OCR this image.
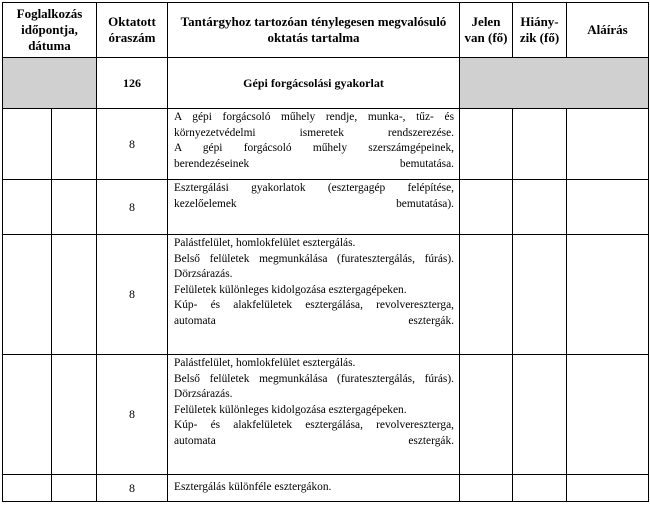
Foglalkozás időpontja, dátuma		Oktatott óraszám	Tantárgyhoz tartozóan ténylegesen megvalósuló oktatás tartalma	Jelen van (fő)	Hiány-zik (fő)	Aláírás
		126	Gépi forgácsolási gyakorlat			
		8	A gépi forgácsoló műhely rendje, munka-, tűz- és környezetvédelmi ismeretek rendszerezése.

A gépi forgácsoló műhely szerszámgépeinek, berendezéseinek bemutatása.			

		8	Esztergálási gyakorlatok (esztergagép felépítése, kezelőelemek bemutatása).			

		8	Palástfelület, homlokfelület esztergálás.

Belső felületek megmunkálása (furatesztergálás, fúrás).

Dörzsárazás.

Felületek különleges kidolgozása esztergagépeken.

Kúp- és alakfelületek esztergálása, revolvereszterga, automata esztergák.			

		8	Palástfelület, homlokfelület esztergálás.

Belső felületek megmunkálása (furatesztergálás, fúrás).

Dörzsárazás.

Felületek különleges kidolgozása esztergagépeken.

Kúp- és alakfelületek esztergálása, revolvereszterga, automata esztergák.			

		8	Esztergálás különféle esztergákon.			
